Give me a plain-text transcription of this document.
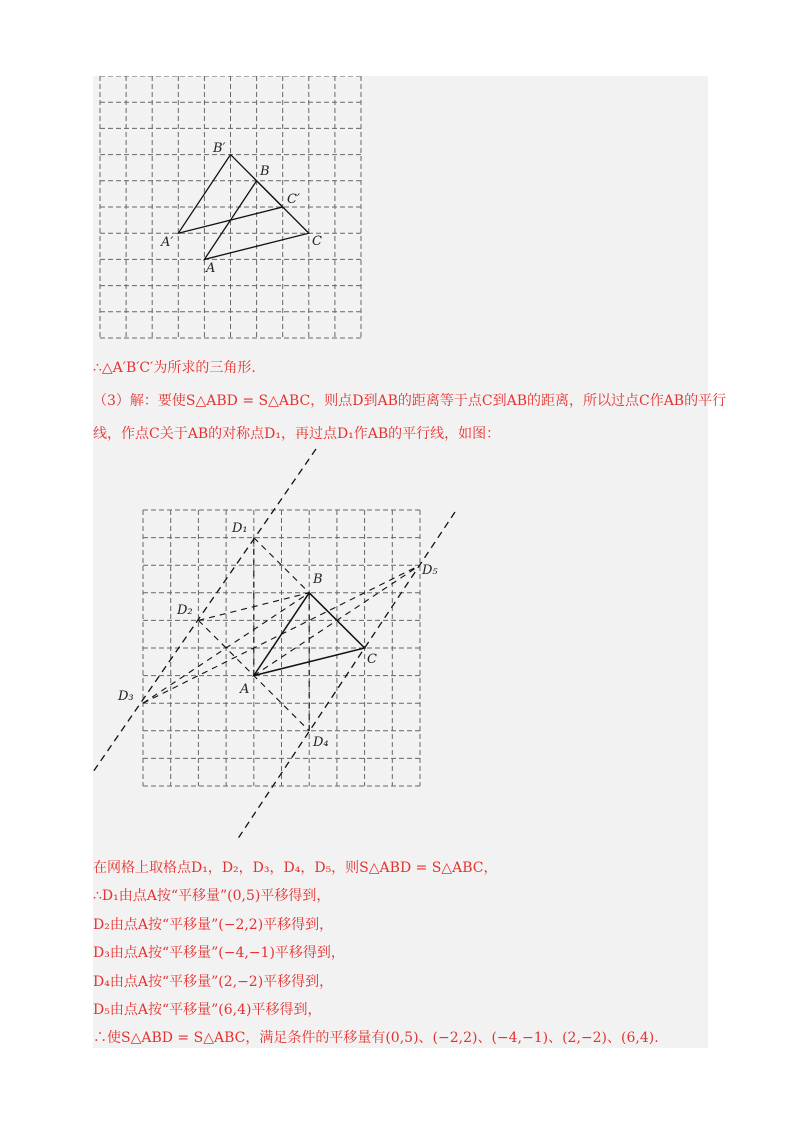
A
B
C
A′
B′
C′
∴△A′B′C′为所求的三角形.
（3）解：要使S△ABD = S△ABC，则点D到AB的距离等于点C到AB的距离，所以过点C作AB的平行
线，作点C关于AB的对称点D₁，再过点D₁作AB的平行线，如图：
A
B
C
D₁
D₂
D₃
D₄
D₅
在网格上取格点D₁，D₂，D₃，D₄，D₅，则S△ABD = S△ABC，
∴D₁由点A按“平移量”(0,5)平移得到，
D₂由点A按“平移量”(−2,2)平移得到，
D₃由点A按“平移量”(−4,−1)平移得到，
D₄由点A按“平移量”(2,−2)平移得到，
D₅由点A按“平移量”(6,4)平移得到，
∴使S△ABD = S△ABC，满足条件的平移量有(0,5)、(−2,2)、(−4,−1)、(2,−2)、(6,4).
